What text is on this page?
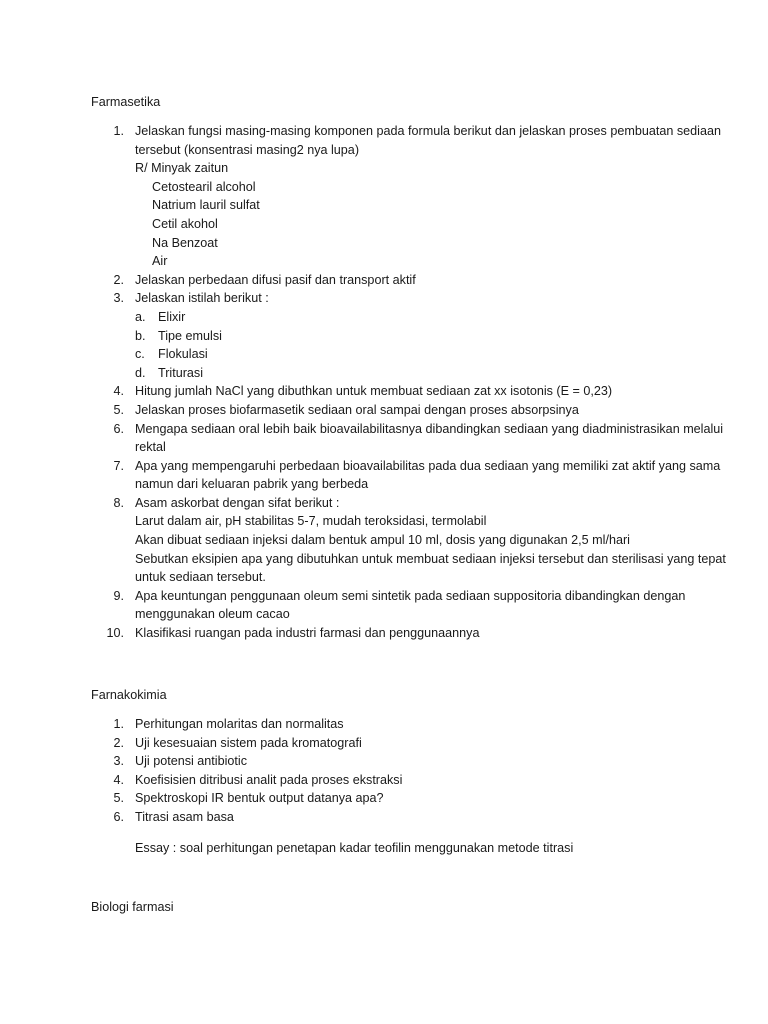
Farmasetika
1. Jelaskan fungsi masing-masing komponen pada formula berikut dan jelaskan proses pembuatan sediaan tersebut (konsentrasi masing2 nya lupa)
R/ Minyak zaitun
Cetostearil alcohol
Natrium lauril sulfat
Cetil akohol
Na Benzoat
Air
2. Jelaskan perbedaan difusi pasif dan transport aktif
3. Jelaskan istilah berikut :
a. Elixir
b. Tipe emulsi
c. Flokulasi
d. Triturasi
4. Hitung jumlah NaCl yang dibuthkan untuk membuat sediaan zat xx isotonis (E = 0,23)
5. Jelaskan proses biofarmasetik sediaan oral sampai dengan proses absorpsinya
6. Mengapa sediaan oral lebih baik bioavailabilitasnya dibandingkan sediaan yang diadministrasikan melalui rektal
7. Apa yang mempengaruhi perbedaan bioavailabilitas pada dua sediaan yang memiliki zat aktif yang sama namun dari keluaran pabrik yang berbeda
8. Asam askorbat dengan sifat berikut :
Larut dalam air, pH stabilitas 5-7, mudah teroksidasi, termolabil
Akan dibuat sediaan injeksi dalam bentuk ampul 10 ml, dosis yang digunakan 2,5 ml/hari
Sebutkan eksipien apa yang dibutuhkan untuk membuat sediaan injeksi tersebut dan sterilisasi yang tepat untuk sediaan tersebut.
9. Apa keuntungan penggunaan oleum semi sintetik pada sediaan suppositoria dibandingkan dengan menggunakan oleum cacao
10. Klasifikasi ruangan pada industri farmasi dan penggunaannya
Farnakokimia
1. Perhitungan molaritas dan normalitas
2. Uji kesesuaian sistem pada kromatografi
3. Uji potensi antibiotic
4. Koefisisien ditribusi analit pada proses ekstraksi
5. Spektroskopi IR bentuk output datanya apa?
6. Titrasi asam basa
Essay : soal perhitungan penetapan kadar teofilin menggunakan metode titrasi
Biologi farmasi
